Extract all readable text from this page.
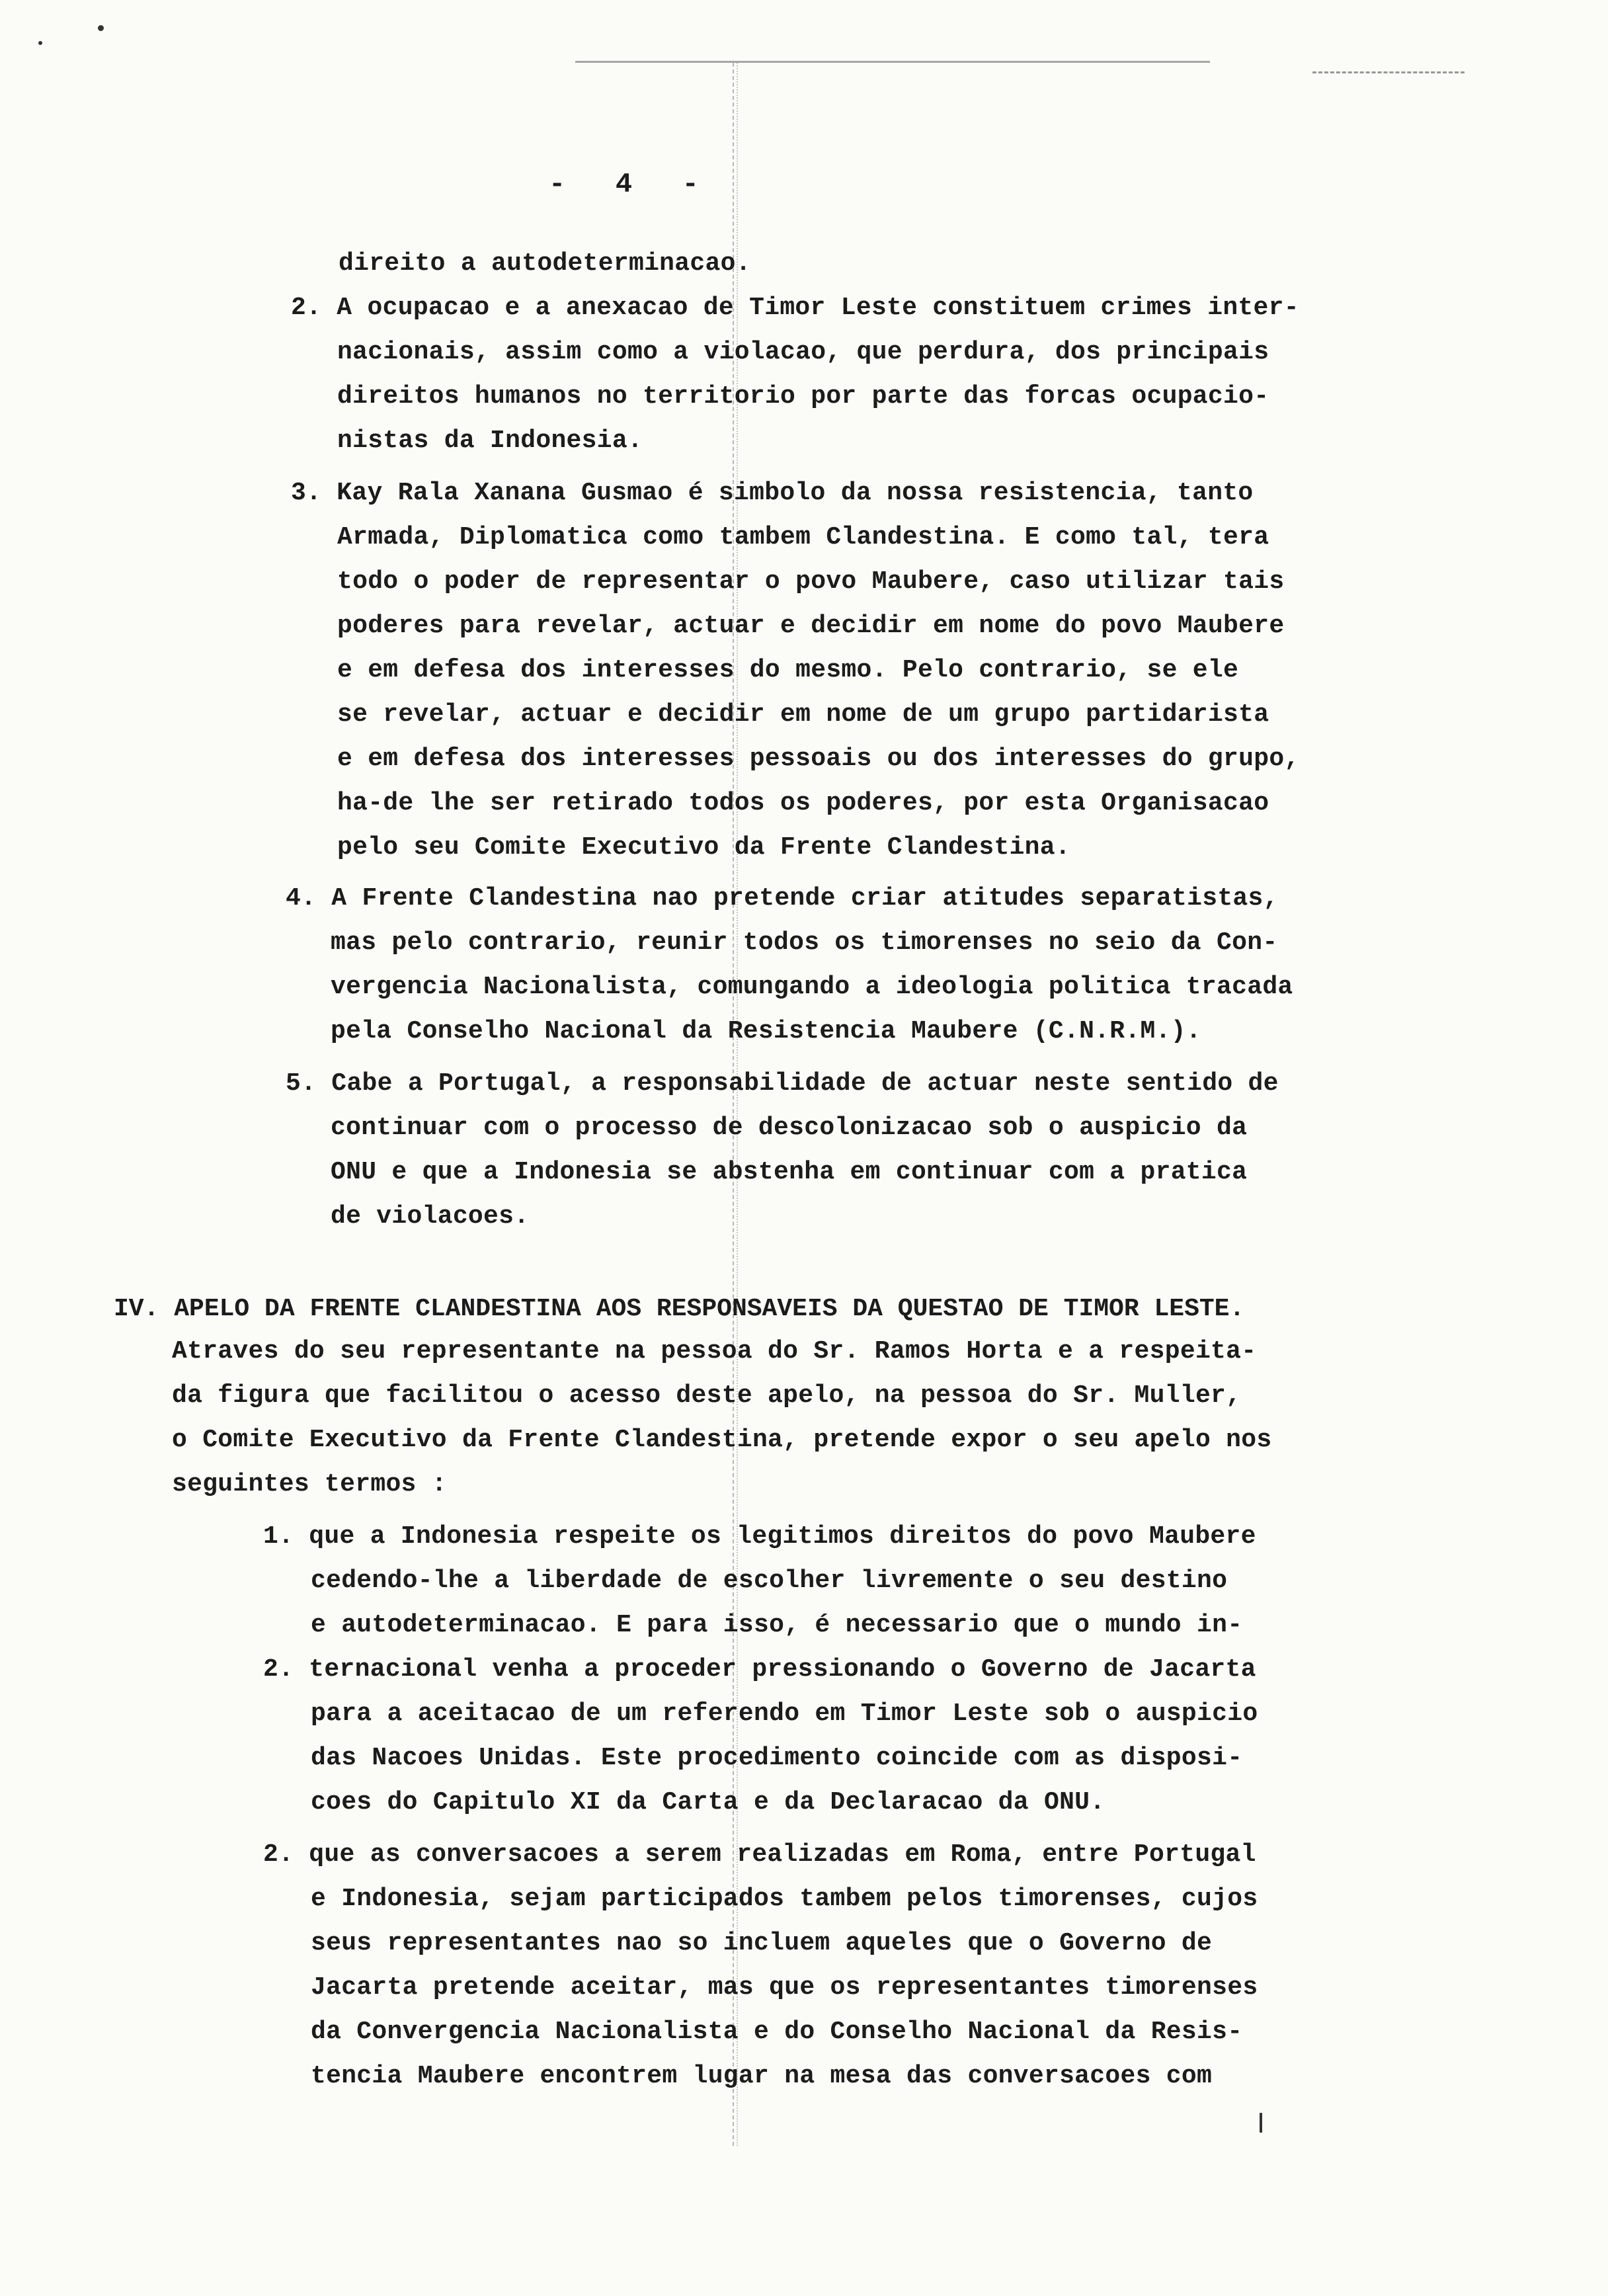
-   4   -
direito a autodeterminacao.
2. A ocupacao e a anexacao de Timor Leste constituem crimes inter-
nacionais, assim como a violacao, que perdura, dos principais
direitos humanos no territorio por parte das forcas ocupacio-
nistas da Indonesia.
3. Kay Rala Xanana Gusmao é simbolo da nossa resistencia, tanto
Armada, Diplomatica como tambem Clandestina. E como tal, tera
todo o poder de representar o povo Maubere, caso utilizar tais
poderes para revelar, actuar e decidir em nome do povo Maubere
e em defesa dos interesses do mesmo. Pelo contrario, se ele
se revelar, actuar e decidir em nome de um grupo partidarista
e em defesa dos interesses pessoais ou dos interesses do grupo,
ha-de lhe ser retirado todos os poderes, por esta Organisacao
pelo seu Comite Executivo da Frente Clandestina.
4. A Frente Clandestina nao pretende criar atitudes separatistas,
mas pelo contrario, reunir todos os timorenses no seio da Con-
vergencia Nacionalista, comungando a ideologia politica tracada
pela Conselho Nacional da Resistencia Maubere (C.N.R.M.).
5. Cabe a Portugal, a responsabilidade de actuar neste sentido de
continuar com o processo de descolonizacao sob o auspicio da
ONU e que a Indonesia se abstenha em continuar com a pratica
de violacoes.
IV. APELO DA FRENTE CLANDESTINA AOS RESPONSAVEIS DA QUESTAO DE TIMOR LESTE.
Atraves do seu representante na pessoa do Sr. Ramos Horta e a respeita-
da figura que facilitou o acesso deste apelo, na pessoa do Sr. Muller,
o Comite Executivo da Frente Clandestina, pretende expor o seu apelo nos
seguintes termos :
1. que a Indonesia respeite os legitimos direitos do povo Maubere
cedendo-lhe a liberdade de escolher livremente o seu destino
e autodeterminacao. E para isso, é necessario que o mundo in-
2. ternacional venha a proceder pressionando o Governo de Jacarta
para a aceitacao de um referendo em Timor Leste sob o auspicio
das Nacoes Unidas. Este procedimento coincide com as disposi-
coes do Capitulo XI da Carta e da Declaracao da ONU.
2. que as conversacoes a serem realizadas em Roma, entre Portugal
e Indonesia, sejam participados tambem pelos timorenses, cujos
seus representantes nao so incluem aqueles que o Governo de
Jacarta pretende aceitar, mas que os representantes timorenses
da Convergencia Nacionalista e do Conselho Nacional da Resis-
tencia Maubere encontrem lugar na mesa das conversacoes com
